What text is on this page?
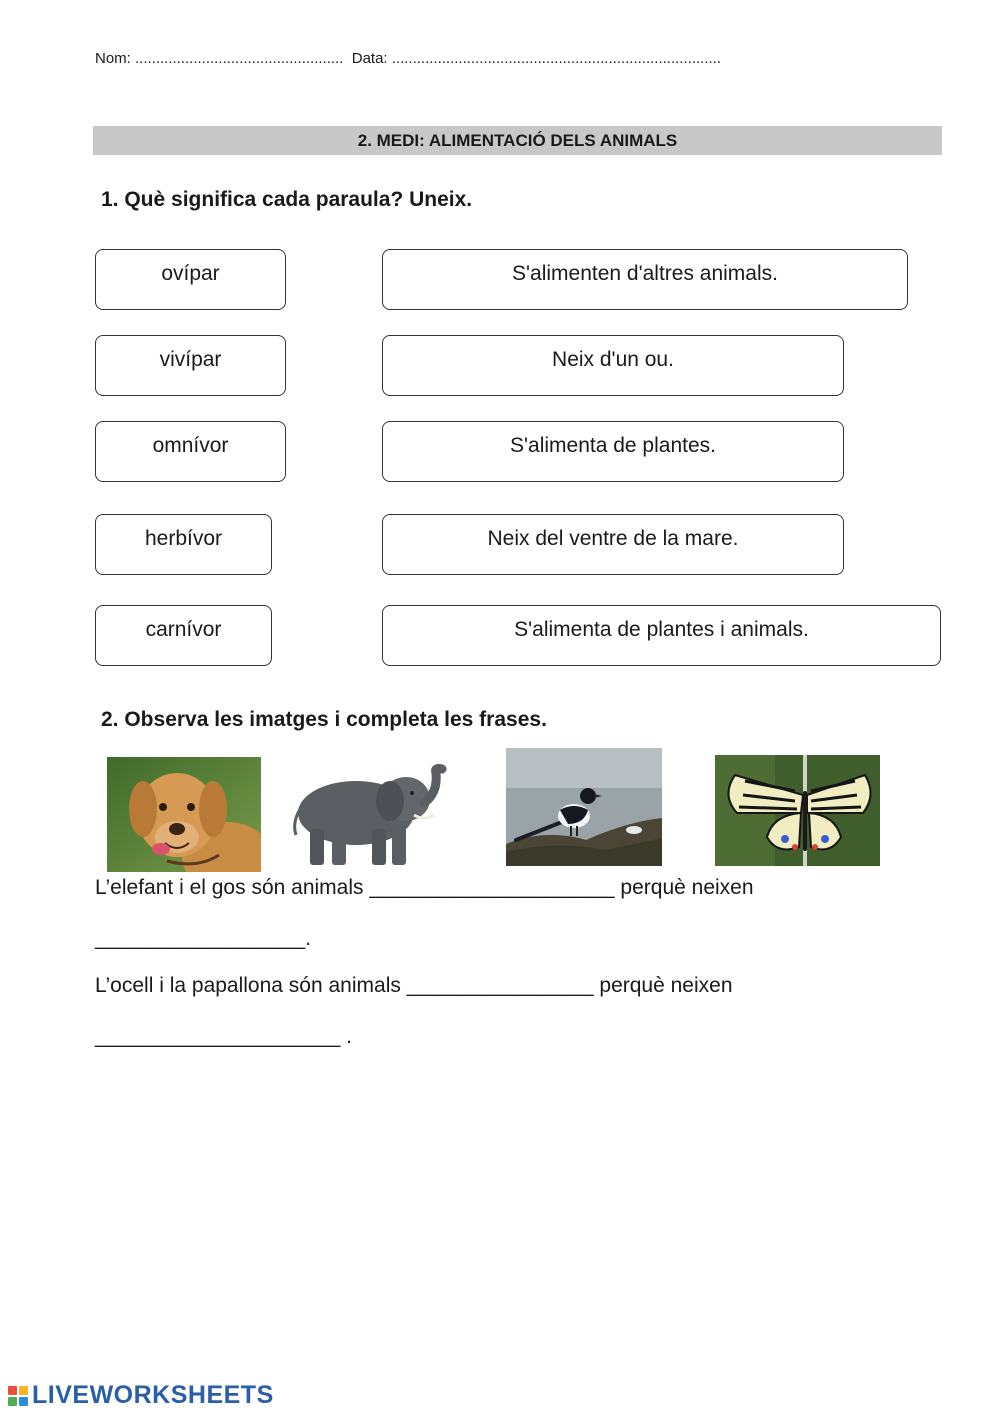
Nom: .................................................. Data: ...............................................................................
2. MEDI: ALIMENTACIÓ DELS ANIMALS
1. Què significa cada paraula? Uneix.
ovípar
vivípar
omnívor
herbívor
carnívor
S'alimenten d'altres animals.
Neix d'un ou.
S'alimenta de plantes.
Neix del ventre de la mare.
S'alimenta de plantes i animals.
2. Observa les imatges i completa les frases.
L’elefant i el gos són animals _____________________ perquè neixen
__________________.
L’ocell i la papallona són animals ________________ perquè neixen
_____________________ .
LIVEWORKSHEETS
